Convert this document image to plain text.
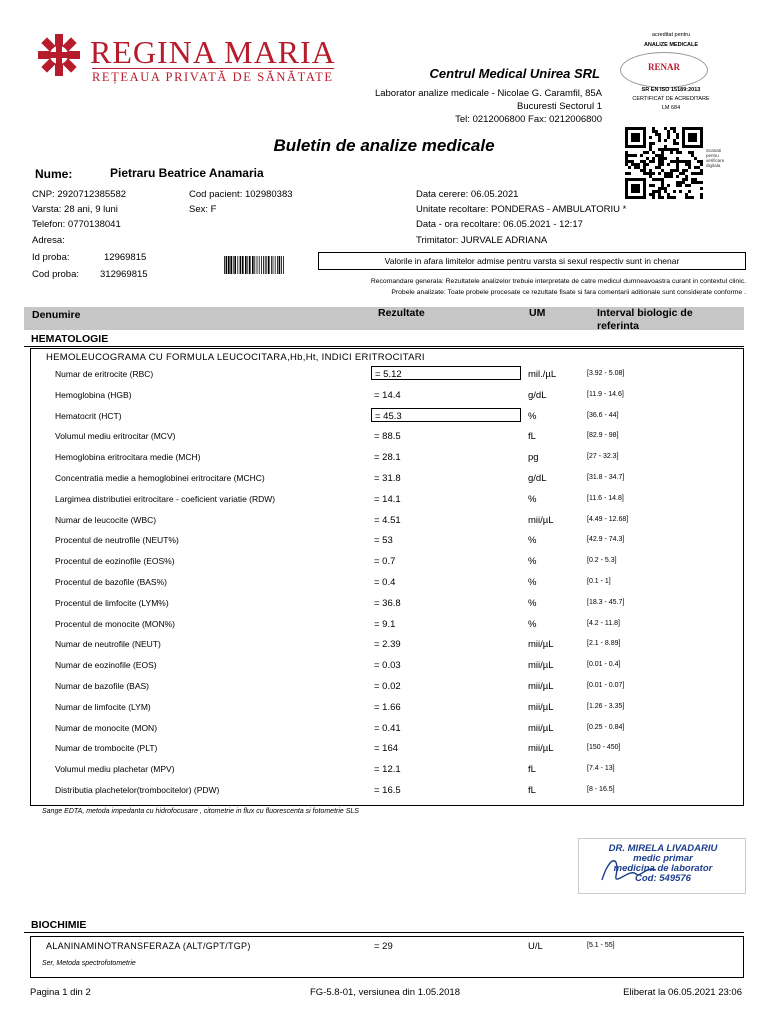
REGINA MARIA
REȚEAUA PRIVATĂ DE SĂNĂTATE	Centrul Medical Unirea SRL
Laborator analize medicale - Nicolae G. Caramfil, 85A
Bucuresti Sectorul 1
Tel: 0212006800 Fax: 0212006800
acreditat pentru
ANALIZE MEDICALE
RENAR
SR EN ISO 15189:2013
CERTIFICAT DE ACREDITARE
LM 684
Scanati pentru verificare digitala
Buletin de analize medicale
Nume:	Pietraru Beatrice Anamaria
CNP: 2920712385582
Varsta: 28 ani, 9 luni
Telefon: 0770138041
Adresa:
Id proba:	12969815
Cod proba: 312969815
Cod pacient: 102980383
Sex: F
Data cerere: 06.05.2021
Unitate recoltare: PONDERAS - AMBULATORIU *
Data - ora recoltare: 06.05.2021 - 12:17
Trimitator: JURVALE ADRIANA
Valorile in afara limitelor admise pentru varsta si sexul respectiv sunt in chenar
Recomandare generala: Rezultatele analizelor trebuie interpretate de catre medicul dumneavoastra curant in contextul clinic.
Probele analizate: Toate probele procesate ce rezultate fisate si fara comentarii aditionale sunt considerate conforme .
Denumire	Rezultate	UM	Interval biologic de
referinta
HEMATOLOGIE
HEMOLEUCOGRAMA CU FORMULA LEUCOCITARA,Hb,Ht, INDICI ERITROCITARI
Numar de eritrocite (RBC)	= 5.12	mil./µL	[3.92 - 5.08]
Hemoglobina (HGB)	= 14.4	g/dL	[11.9 - 14.6]
Hematocrit (HCT)	= 45.3	%	[36.6 - 44]
Volumul mediu eritrocitar (MCV)	= 88.5	fL	[82.9 - 98]
Hemoglobina eritrocitara medie (MCH)	= 28.1	pg	[27 - 32.3]
Concentratia medie a hemoglobinei eritrocitare (MCHC)	= 31.8	g/dL	[31.8 - 34.7]
Largimea distributiei eritrocitare - coeficient variatie (RDW)	= 14.1	%	[11.6 - 14.8]
Numar de leucocite (WBC)	= 4.51	mii/µL	[4.49 - 12.68]
Procentul de neutrofile (NEUT%)	= 53	%	[42.9 - 74.3]
Procentul de eozinofile (EOS%)	= 0.7	%	[0.2 - 5.3]
Procentul de bazofile (BAS%)	= 0.4	%	[0.1 - 1]
Procentul de limfocite (LYM%)	= 36.8	%	[18.3 - 45.7]
Procentul de monocite (MON%)	= 9.1	%	[4.2 - 11.8]
Numar de neutrofile (NEUT)	= 2.39	mii/µL	[2.1 - 8.89]
Numar de eozinofile (EOS)	= 0.03	mii/µL	[0.01 - 0.4]
Numar de bazofile (BAS)	= 0.02	mii/µL	[0.01 - 0.07]
Numar de limfocite (LYM)	= 1.66	mii/µL	[1.26 - 3.35]
Numar de monocite (MON)	= 0.41	mii/µL	[0.25 - 0.84]
Numar de trombocite (PLT)	= 164	mii/µL	[150 - 450]
Volumul mediu plachetar (MPV)	= 12.1	fL	[7.4 - 13]
Distributia plachetelor(trombocitelor) (PDW)	= 16.5	fL	[8 - 16.5]
Sange EDTA, metoda impedanta cu hidrofocusare , citometrie in flux cu fluorescenta si fotometrie SLS
DR. MIRELA LIVADARIU
medic primar
medicina de laborator
Cod: 549576
BIOCHIMIE
ALANINAMINOTRANSFERAZA (ALT/GPT/TGP)	= 29	U/L	[5.1 - 55]
Ser, Metoda spectrofotometrie
Pagina 1 din 2	FG-5.8-01, versiunea din 1.05.2018	Eliberat la 06.05.2021 23:06
